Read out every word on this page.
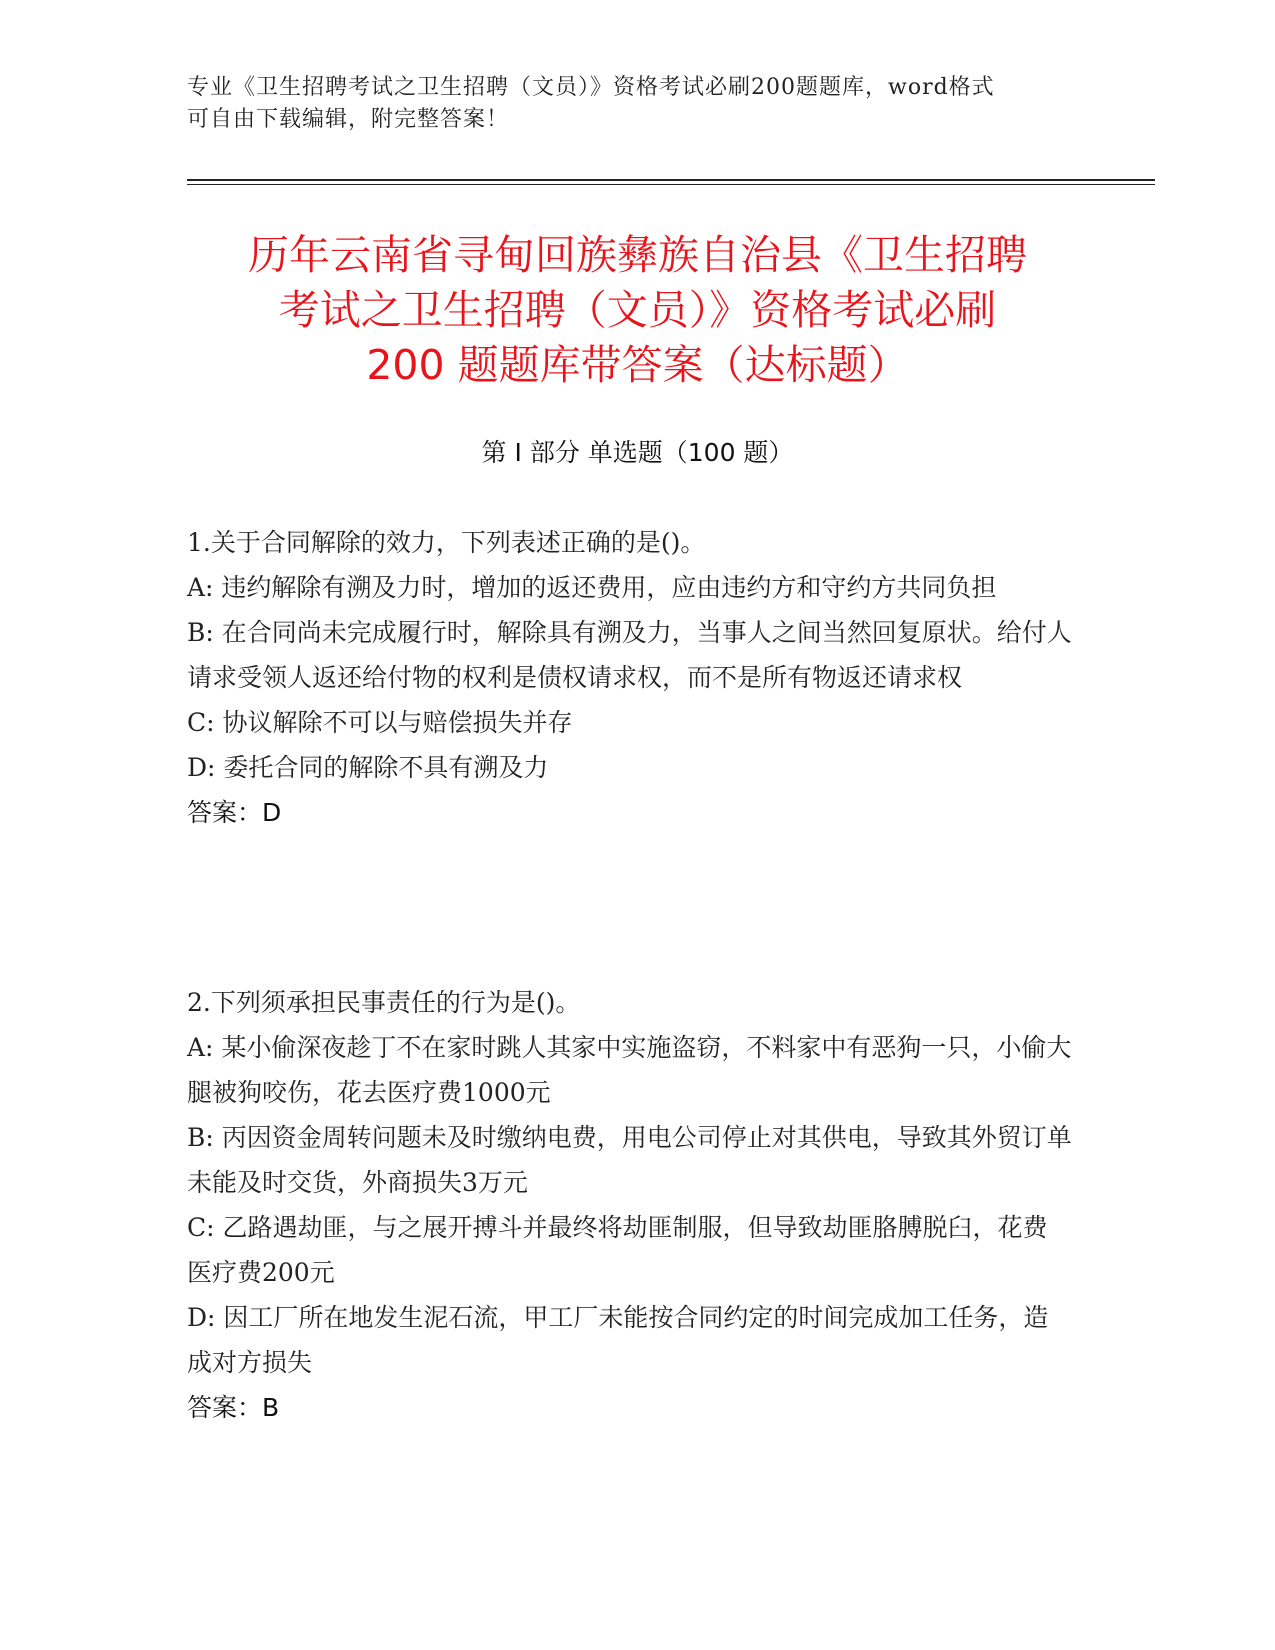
专业《卫生招聘考试之卫生招聘（文员）》资格考试必刷200题题库，word格式

可自由下载编辑，附完整答案！

历年云南省寻甸回族彝族自治县《卫生招聘
考试之卫生招聘（文员）》资格考试必刷
200 题题库带答案（达标题）
第 I 部分 单选题（100 题）

1.关于合同解除的效力，下列表述正确的是()。

A: 违约解除有溯及力时，增加的返还费用，应由违约方和守约方共同负担

B: 在合同尚未完成履行时，解除具有溯及力，当事人之间当然回复原状。给付人请求受领人返还给付物的权利是债权请求权，而不是所有物返还请求权

C: 协议解除不可以与赔偿损失并存

D: 委托合同的解除不具有溯及力

答案：D

2.下列须承担民事责任的行为是()。

A: 某小偷深夜趁丁不在家时跳人其家中实施盗窃，不料家中有恶狗一只，小偷大腿被狗咬伤，花去医疗费1000元

B: 丙因资金周转问题未及时缴纳电费，用电公司停止对其供电，导致其外贸订单未能及时交货，外商损失3万元

C: 乙路遇劫匪，与之展开搏斗并最终将劫匪制服，但导致劫匪胳膊脱臼，花费医疗费200元

D: 因工厂所在地发生泥石流，甲工厂未能按合同约定的时间完成加工任务，造成对方损失

答案：B
